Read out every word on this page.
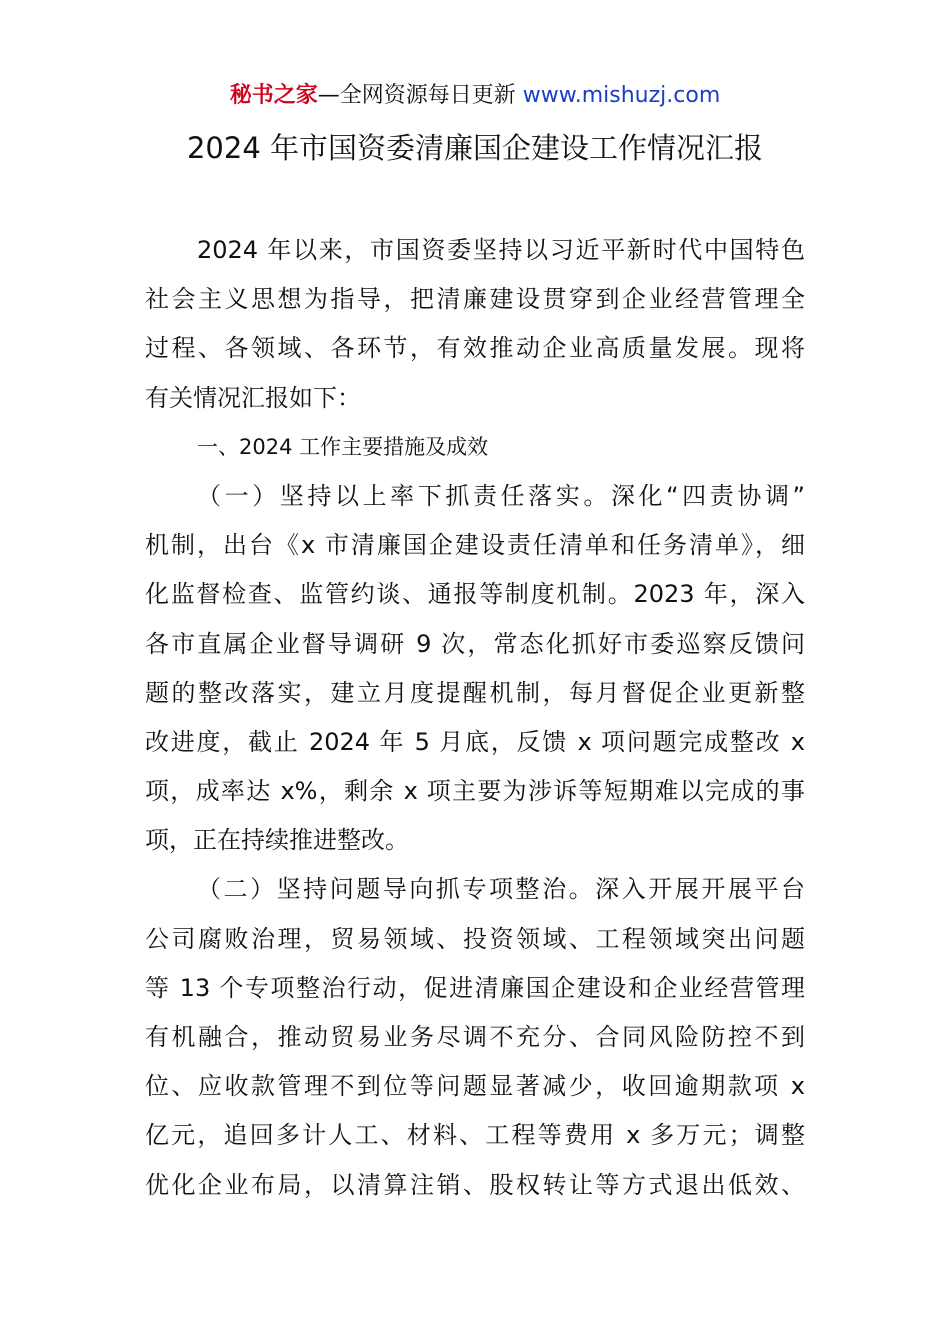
秘书之家—全网资源每日更新 www.mishuzj.com
2024 年市国资委清廉国企建设工作情况汇报
2024 年以来，市国资委坚持以习近平新时代中国特色
社会主义思想为指导，把清廉建设贯穿到企业经营管理全
过程、各领域、各环节，有效推动企业高质量发展。现将
有关情况汇报如下：
一、2024 工作主要措施及成效
（一）坚持以上率下抓责任落实。深化“四责协调”
机制，出台《x 市清廉国企建设责任清单和任务清单》，细
化监督检查、监管约谈、通报等制度机制。2023 年，深入
各市直属企业督导调研 9 次，常态化抓好市委巡察反馈问
题的整改落实，建立月度提醒机制，每月督促企业更新整
改进度，截止 2024 年 5 月底，反馈 x 项问题完成整改 x
项，成率达 x%，剩余 x 项主要为涉诉等短期难以完成的事
项，正在持续推进整改。
（二）坚持问题导向抓专项整治。深入开展开展平台
公司腐败治理，贸易领域、投资领域、工程领域突出问题
等 13 个专项整治行动，促进清廉国企建设和企业经营管理
有机融合，推动贸易业务尽调不充分、合同风险防控不到
位、应收款管理不到位等问题显著减少，收回逾期款项 x
亿元，追回多计人工、材料、工程等费用 x 多万元；调整
优化企业布局，以清算注销、股权转让等方式退出低效、
